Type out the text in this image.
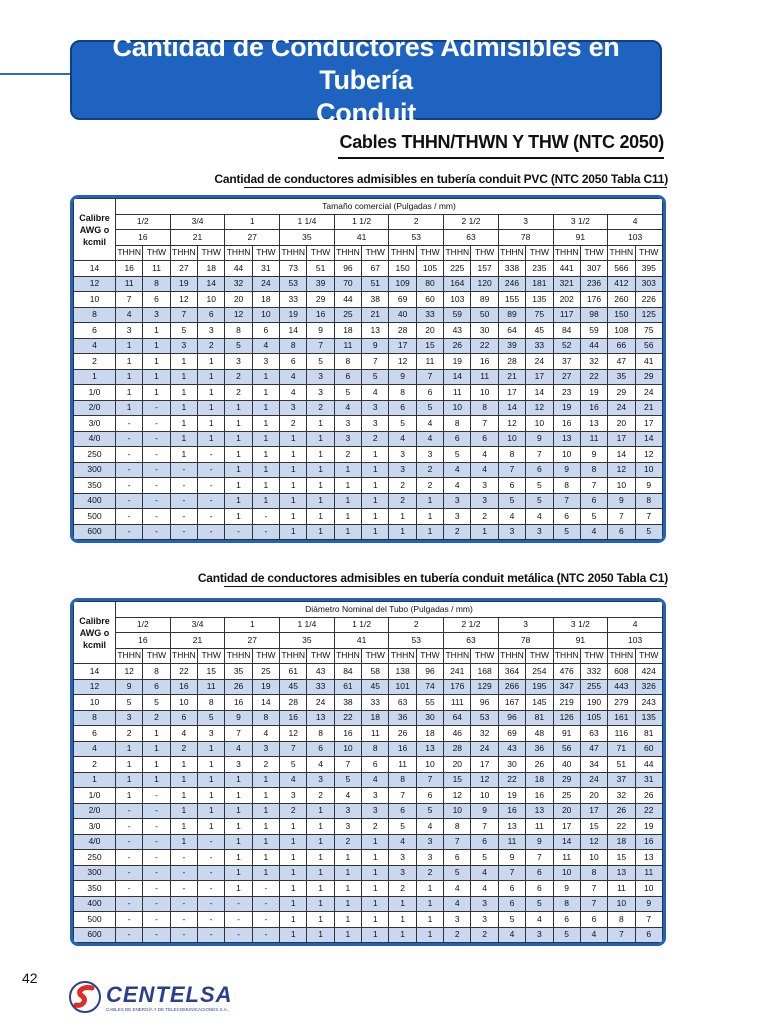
Cantidad de Conductores Admisibles en Tubería
Conduit
Cables THHN/THWN Y THW (NTC 2050)
Cantidad de conductores admisibles en tubería conduit PVC (NTC 2050 Tabla C11)
Calibre AWG o kcmil	Tamaño comercial (Pulgadas / mm)																			
	1/2		3/4		1		1 1/4		1 1/2		2		2 1/2		3		3 1/2		4	
	16		21		27		35		41		53		63		78		91		103	
	THHN	THW	THHN	THW	THHN	THW	THHN	THW	THHN	THW	THHN	THW	THHN	THW	THHN	THW	THHN	THW	THHN	THW
14	16	11	27	18	44	31	73	51	96	67	150	105	225	157	338	235	441	307	566	395
12	11	8	19	14	32	24	53	39	70	51	109	80	164	120	246	181	321	236	412	303
10	7	6	12	10	20	18	33	29	44	38	69	60	103	89	155	135	202	176	260	226
8	4	3	7	6	12	10	19	16	25	21	40	33	59	50	89	75	117	98	150	125
6	3	1	5	3	8	6	14	9	18	13	28	20	43	30	64	45	84	59	108	75
4	1	1	3	2	5	4	8	7	11	9	17	15	26	22	39	33	52	44	66	56
2	1	1	1	1	3	3	6	5	8	7	12	11	19	16	28	24	37	32	47	41
1	1	1	1	1	2	1	4	3	6	5	9	7	14	11	21	17	27	22	35	29
1/0	1	1	1	1	2	1	4	3	5	4	8	6	11	10	17	14	23	19	29	24
2/0	1	-	1	1	1	1	3	2	4	3	6	5	10	8	14	12	19	16	24	21
3/0	-	-	1	1	1	1	2	1	3	3	5	4	8	7	12	10	16	13	20	17
4/0	-	-	1	1	1	1	1	1	3	2	4	4	6	6	10	9	13	11	17	14
250	-	-	1	-	1	1	1	1	2	1	3	3	5	4	8	7	10	9	14	12
300	-	-	-	-	1	1	1	1	1	1	3	2	4	4	7	6	9	8	12	10
350	-	-	-	-	1	1	1	1	1	1	2	2	4	3	6	5	8	7	10	9
400	-	-	-	-	1	1	1	1	1	1	2	1	3	3	5	5	7	6	9	8
500	-	-	-	-	1	-	1	1	1	1	1	1	3	2	4	4	6	5	7	7
600	-	-	-	-	-	-	1	1	1	1	1	1	2	1	3	3	5	4	6	5
Cantidad de conductores admisibles en tubería conduit metálica (NTC 2050 Tabla C1)
Calibre AWG o kcmil	Diámetro Nominal del Tubo (Pulgadas / mm)																			
	1/2		3/4		1		1 1/4		1 1/2		2		2 1/2		3		3 1/2		4	
	16		21		27		35		41		53		63		78		91		103	
	THHN	THW	THHN	THW	THHN	THW	THHN	THW	THHN	THW	THHN	THW	THHN	THW	THHN	THW	THHN	THW	THHN	THW
14	12	8	22	15	35	25	61	43	84	58	138	96	241	168	364	254	476	332	608	424
12	9	6	16	11	26	19	45	33	61	45	101	74	176	129	266	195	347	255	443	326
10	5	5	10	8	16	14	28	24	38	33	63	55	111	96	167	145	219	190	279	243
8	3	2	6	5	9	8	16	13	22	18	36	30	64	53	96	81	126	105	161	135
6	2	1	4	3	7	4	12	8	16	11	26	18	46	32	69	48	91	63	116	81
4	1	1	2	1	4	3	7	6	10	8	16	13	28	24	43	36	56	47	71	60
2	1	1	1	1	3	2	5	4	7	6	11	10	20	17	30	26	40	34	51	44
1	1	1	1	1	1	1	4	3	5	4	8	7	15	12	22	18	29	24	37	31
1/0	1	-	1	1	1	1	3	2	4	3	7	6	12	10	19	16	25	20	32	26
2/0	-	-	1	1	1	1	2	1	3	3	6	5	10	9	16	13	20	17	26	22
3/0	-	-	1	1	1	1	1	1	3	2	5	4	8	7	13	11	17	15	22	19
4/0	-	-	1	-	1	1	1	1	2	1	4	3	7	6	11	9	14	12	18	16
250	-	-	-	-	1	1	1	1	1	1	3	3	6	5	9	7	11	10	15	13
300	-	-	-	-	1	1	1	1	1	1	3	2	5	4	7	6	10	8	13	11
350	-	-	-	-	1	-	1	1	1	1	2	1	4	4	6	6	9	7	11	10
400	-	-	-	-	-	-	1	1	1	1	1	1	4	3	6	5	8	7	10	9
500	-	-	-	-	-	-	1	1	1	1	1	1	3	3	5	4	6	6	8	7
600	-	-	-	-	-	-	1	1	1	1	1	1	2	2	4	3	5	4	7	6
42
CENTELSA
CABLES DE ENERGÍA Y DE TELECOMUNICACIONES S.A.
